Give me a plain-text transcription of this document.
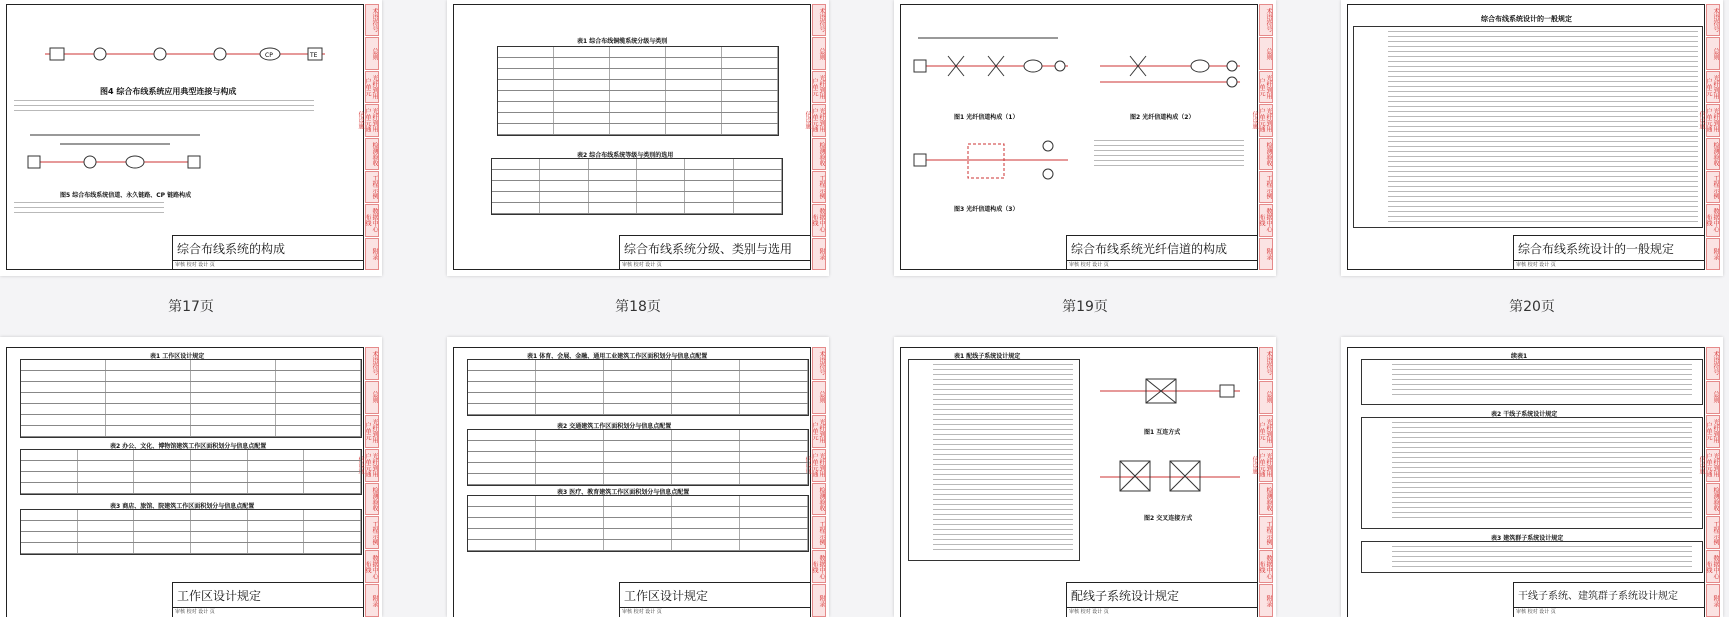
术语符号
总则
光纤到用户单元
光纤到用户单元通信设施
检测验收
工程示例
数据中心布线
附录
CP	TE
图4 综合布线系统应用典型连接与构成
图5 综合布线系统信道、永久链路、CP 链路构成
综合布线系统的构成
审核 校对 设计 页
第17页
术语符号
总则
光纤到用户单元
光纤到用户单元通信设施
检测验收
工程示例
数据中心布线
附录
表1 综合布线铜缆系统分级与类别
表2 综合布线系统等级与类别的选用
综合布线系统分级、类别与选用
审核 校对 设计 页
第18页
术语符号
总则
光纤到用户单元
光纤到用户单元通信设施
检测验收
工程示例
数据中心布线
附录
图1 光纤信道构成（1）	图2 光纤信道构成（2）
图3 光纤信道构成（3）
综合布线系统光纤信道的构成
审核 校对 设计 页
第19页
术语符号
总则
光纤到用户单元
光纤到用户单元通信设施
检测验收
工程示例
数据中心布线
附录
综合布线系统设计的一般规定
综合布线系统设计的一般规定
审核 校对 设计 页
第20页
术语符号
总则
光纤到用户单元
光纤到用户单元通信设施
检测验收
工程示例
数据中心布线
附录
表1 工作区设计规定
表2 办公、文化、博物馆建筑工作区面积划分与信息点配置
表3 商店、旅馆、院建筑工作区面积划分与信息点配置
工作区设计规定
审核 校对 设计 页
术语符号
总则
光纤到用户单元
光纤到用户单元通信设施
检测验收
工程示例
数据中心布线
附录
表1 体育、会展、金融、通用工业建筑工作区面积划分与信息点配置
表2 交通建筑工作区面积划分与信息点配置
表3 医疗、教育建筑工作区面积划分与信息点配置
工作区设计规定
审核 校对 设计 页
术语符号
总则
光纤到用户单元
光纤到用户单元通信设施
检测验收
工程示例
数据中心布线
附录
表1 配线子系统设计规定
图1 互连方式
图2 交叉连接方式
配线子系统设计规定
审核 校对 设计 页
术语符号
总则
光纤到用户单元
光纤到用户单元通信设施
检测验收
工程示例
数据中心布线
附录
续表1
表2 干线子系统设计规定
表3 建筑群子系统设计规定
干线子系统、建筑群子系统设计规定
审核 校对 设计 页
